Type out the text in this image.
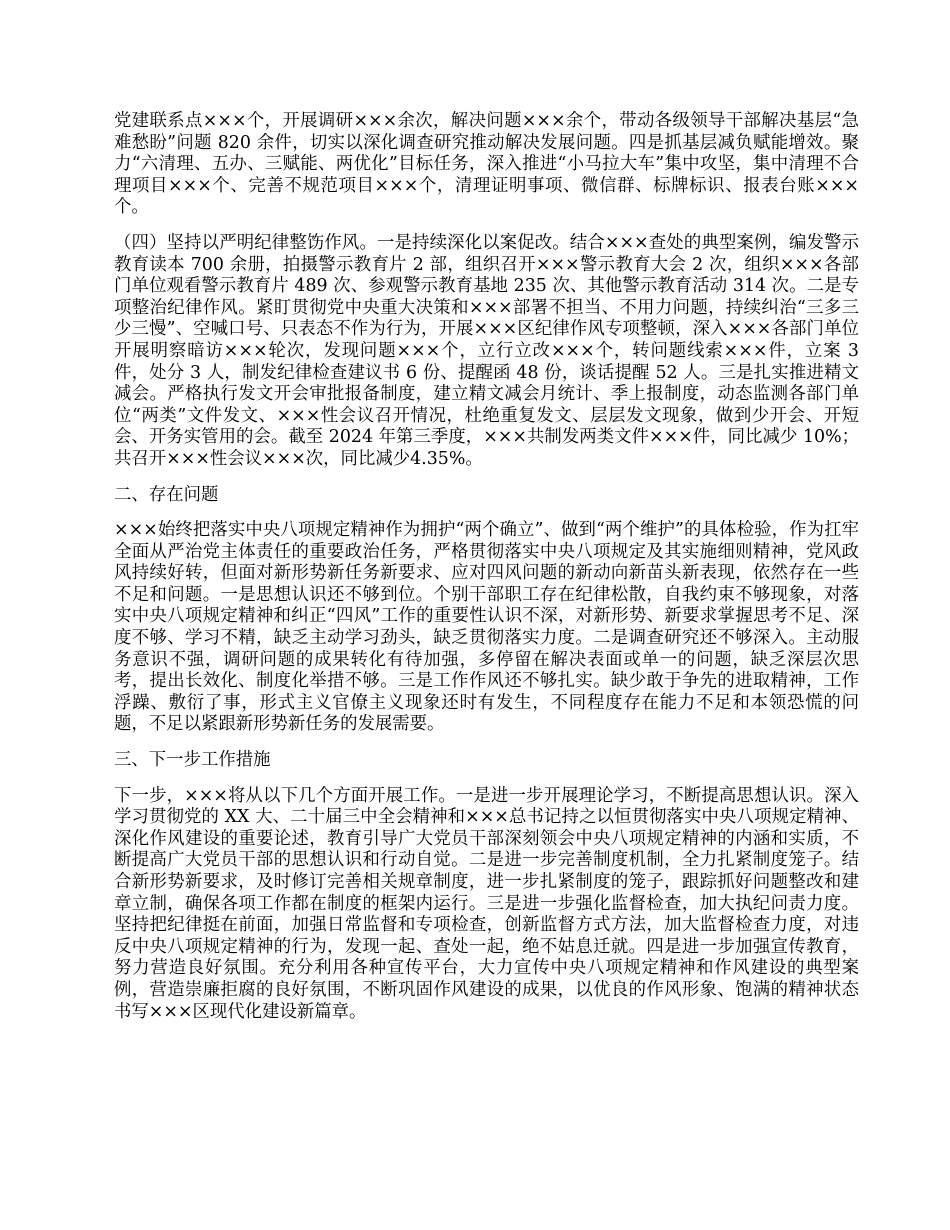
党建联系点×××个，开展调研×××余次，解决问题×××余个，带动各级领导干部解决基层“急难愁盼”问题 820 余件，切实以深化调查研究推动解决发展问题。四是抓基层减负赋能增效。聚力“六清理、五办、三赋能、两优化”目标任务，深入推进“小马拉大车”集中攻坚，集中清理不合理项目×××个、完善不规范项目×××个，清理证明事项、微信群、标牌标识、报表台账×××个。

（四）坚持以严明纪律整饬作风。一是持续深化以案促改。结合×××查处的典型案例，编发警示教育读本 700 余册，拍摄警示教育片 2 部，组织召开×××警示教育大会 2 次，组织×××各部门单位观看警示教育片 489 次、参观警示教育基地 235 次、其他警示教育活动 314 次。二是专项整治纪律作风。紧盯贯彻党中央重大决策和×××部署不担当、不用力问题，持续纠治“三多三少三慢”、空喊口号、只表态不作为行为，开展×××区纪律作风专项整顿，深入×××各部门单位开展明察暗访×××轮次，发现问题×××个，立行立改×××个，转问题线索×××件，立案 3 件，处分 3 人，制发纪律检查建议书 6 份、提醒函 48 份，谈话提醒 52 人。三是扎实推进精文减会。严格执行发文开会审批报备制度，建立精文减会月统计、季上报制度，动态监测各部门单位“两类”文件发文、×××性会议召开情况，杜绝重复发文、层层发文现象，做到少开会、开短会、开务实管用的会。截至 2024 年第三季度，×××共制发两类文件×××件，同比减少 10%；共召开×××性会议×××次，同比减少4.35%。

二、存在问题

×××始终把落实中央八项规定精神作为拥护“两个确立”、做到“两个维护”的具体检验，作为扛牢全面从严治党主体责任的重要政治任务，严格贯彻落实中央八项规定及其实施细则精神，党风政风持续好转，但面对新形势新任务新要求、应对四风问题的新动向新苗头新表现，依然存在一些不足和问题。一是思想认识还不够到位。个别干部职工存在纪律松散，自我约束不够现象，对落实中央八项规定精神和纠正“四风”工作的重要性认识不深，对新形势、新要求掌握思考不足、深度不够、学习不精，缺乏主动学习劲头，缺乏贯彻落实力度。二是调查研究还不够深入。主动服务意识不强，调研问题的成果转化有待加强，多停留在解决表面或单一的问题，缺乏深层次思考，提出长效化、制度化举措不够。三是工作作风还不够扎实。缺少敢于争先的进取精神，工作浮躁、敷衍了事，形式主义官僚主义现象还时有发生，不同程度存在能力不足和本领恐慌的问题，不足以紧跟新形势新任务的发展需要。

三、下一步工作措施

下一步，×××将从以下几个方面开展工作。一是进一步开展理论学习，不断提高思想认识。深入学习贯彻党的 XX 大、二十届三中全会精神和×××总书记持之以恒贯彻落实中央八项规定精神、深化作风建设的重要论述，教育引导广大党员干部深刻领会中央八项规定精神的内涵和实质，不断提高广大党员干部的思想认识和行动自觉。二是进一步完善制度机制，全力扎紧制度笼子。结合新形势新要求，及时修订完善相关规章制度，进一步扎紧制度的笼子，跟踪抓好问题整改和建章立制，确保各项工作都在制度的框架内运行。三是进一步强化监督检查，加大执纪问责力度。坚持把纪律挺在前面，加强日常监督和专项检查，创新监督方式方法，加大监督检查力度，对违反中央八项规定精神的行为，发现一起、查处一起，绝不姑息迁就。四是进一步加强宣传教育，努力营造良好氛围。充分利用各种宣传平台，大力宣传中央八项规定精神和作风建设的典型案例，营造崇廉拒腐的良好氛围，不断巩固作风建设的成果，以优良的作风形象、饱满的精神状态书写×××区现代化建设新篇章。
